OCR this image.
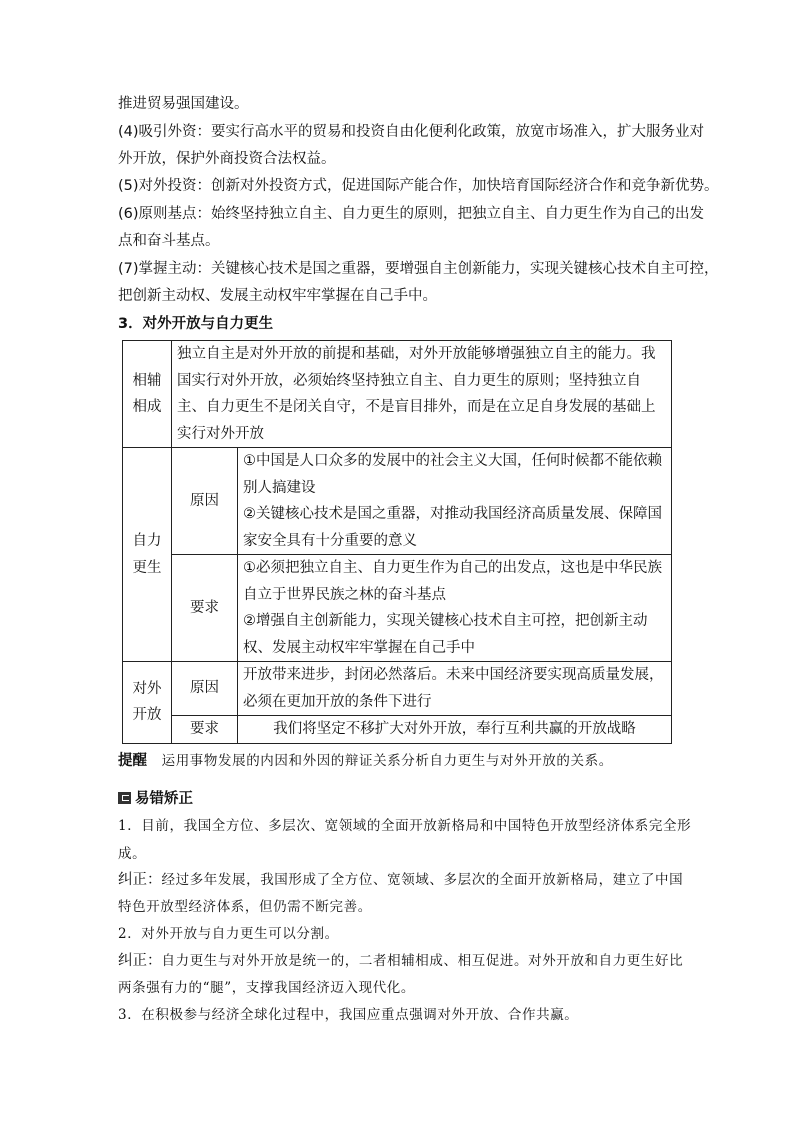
推进贸易强国建设。
(4)吸引外资：要实行高水平的贸易和投资自由化便利化政策，放宽市场准入，扩大服务业对
外开放，保护外商投资合法权益。
(5)对外投资：创新对外投资方式，促进国际产能合作，加快培育国际经济合作和竞争新优势。
(6)原则基点：始终坚持独立自主、自力更生的原则，把独立自主、自力更生作为自己的出发
点和奋斗基点。
(7)掌握主动：关键核心技术是国之重器，要增强自主创新能力，实现关键核心技术自主可控，
把创新主动权、发展主动权牢牢掌握在自己手中。
3．对外开放与自力更生
相辅相成	独立自主是对外开放的前提和基础，对外开放能够增强独立自主的能力。我国实行对外开放，必须始终坚持独立自主、自力更生的原则；坚持独立自主、自力更生不是闭关自守，不是盲目排外，而是在立足自身发展的基础上实行对外开放	
自力更生	原因	①中国是人口众多的发展中的社会主义大国，任何时候都不能依赖别人搞建设
②关键核心技术是国之重器，对推动我国经济高质量发展、保障国家安全具有十分重要的意义

	要求	①必须把独立自主、自力更生作为自己的出发点，这也是中华民族自立于世界民族之林的奋斗基点
②增强自主创新能力，实现关键核心技术自主可控，把创新主动权、发展主动权牢牢掌握在自己手中

对外开放	原因	开放带来进步，封闭必然落后。未来中国经济要实现高质量发展，必须在更加开放的条件下进行
	要求	我们将坚定不移扩大对外开放，奉行互利共赢的开放战略
提醒 运用事物发展的内因和外因的辩证关系分析自力更生与对外开放的关系。
易错矫正
1．目前，我国全方位、多层次、宽领域的全面开放新格局和中国特色开放型经济体系完全形
成。
纠正：经过多年发展，我国形成了全方位、宽领域、多层次的全面开放新格局，建立了中国
特色开放型经济体系，但仍需不断完善。
2．对外开放与自力更生可以分割。
纠正：自力更生与对外开放是统一的，二者相辅相成、相互促进。对外开放和自力更生好比
两条强有力的“腿”，支撑我国经济迈入现代化。
3．在积极参与经济全球化过程中，我国应重点强调对外开放、合作共赢。
